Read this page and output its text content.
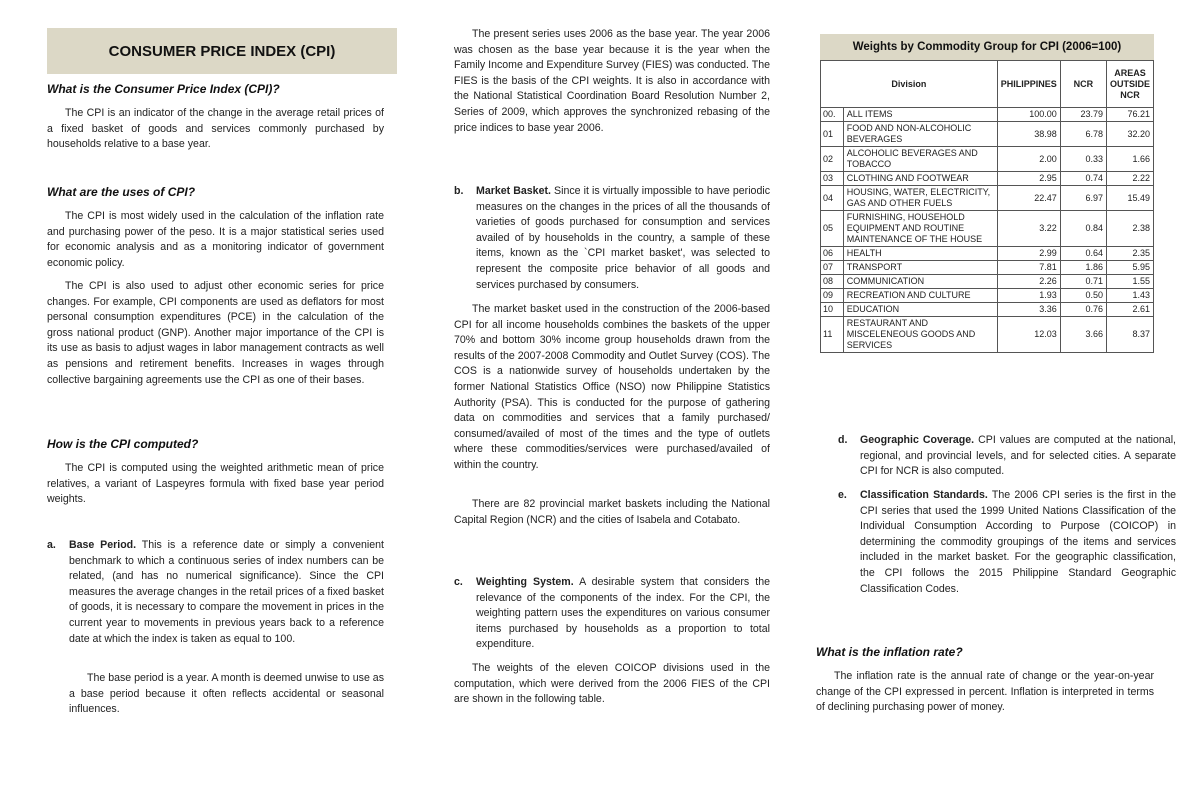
CONSUMER PRICE INDEX (CPI)
What is the Consumer Price Index (CPI)?

The CPI is an indicator of the change in the average retail prices of a fixed basket of goods and services commonly purchased by households relative to a base year.

What are the uses of CPI?

The CPI is most widely used in the calculation of the inflation rate and purchasing power of the peso. It is a major statistical series used for economic analysis and as a monitoring indicator of government economic policy.

The CPI is also used to adjust other economic series for price changes. For example, CPI components are used as deflators for most personal consumption expenditures (PCE) in the calculation of the gross national product (GNP). Another major importance of the CPI is its use as basis to adjust wages in labor management contracts as well as pensions and retirement benefits. Increases in wages through collective bargaining agreements use the CPI as one of their bases.

How is the CPI computed?

The CPI is computed using the weighted arithmetic mean of price relatives, a variant of Laspeyres formula with fixed base year period weights.

a. Base Period. This is a reference date or simply a convenient benchmark to which a continuous series of index numbers can be related, (and has no numerical significance). Since the CPI measures the average changes in the retail prices of a fixed basket of goods, it is necessary to compare the movement in prices in the current year to movements in previous years back to a reference date at which the index is taken as equal to 100.

The base period is a year. A month is deemed unwise to use as a base period because it often reflects accidental or seasonal influences.

The present series uses 2006 as the base year. The year 2006 was chosen as the base year because it is the year when the Family Income and Expenditure Survey (FIES) was conducted. The FIES is the basis of the CPI weights. It is also in accordance with the National Statistical Coordination Board Resolution Number 2, Series of 2009, which approves the synchronized rebasing of the price indices to base year 2006.

b. Market Basket. Since it is virtually impossible to have periodic measures on the changes in the prices of all the thousands of varieties of goods purchased for consumption and services availed of by households in the country, a sample of these items, known as the `CPI market basket', was selected to represent the composite price behavior of all goods and services purchased by consumers.

The market basket used in the construction of the 2006-based CPI for all income households combines the baskets of the upper 70% and bottom 30% income group households drawn from the results of the 2007-2008 Commodity and Outlet Survey (COS). The COS is a nationwide survey of households undertaken by the former National Statistics Office (NSO) now Philippine Statistics Authority (PSA). This is conducted for the purpose of gathering data on commodities and services that a family purchased/ consumed/availed of most of the times and the type of outlets where these commodities/services were purchased/availed of within the country.

There are 82 provincial market baskets including the National Capital Region (NCR) and the cities of Isabela and Cotabato.

c. Weighting System. A desirable system that considers the relevance of the components of the index. For the CPI, the weighting pattern uses the expenditures on various consumer items purchased by households as a proportion to total expenditure.

The weights of the eleven COICOP divisions used in the computation, which were derived from the 2006 FIES of the CPI are shown in the following table.

Weights by Commodity Group for CPI (2006=100)
Division		PHILIPPINES	NCR	AREAS OUTSIDE NCR
00.	ALL ITEMS	100.00	23.79	76.21
01	FOOD AND NON-ALCOHOLIC BEVERAGES	38.98	6.78	32.20
02	ALCOHOLIC BEVERAGES AND TOBACCO	2.00	0.33	1.66
03	CLOTHING AND FOOTWEAR	2.95	0.74	2.22
04	HOUSING, WATER, ELECTRICITY, GAS AND OTHER FUELS	22.47	6.97	15.49
05	FURNISHING, HOUSEHOLD EQUIPMENT AND ROUTINE MAINTENANCE OF THE HOUSE	3.22	0.84	2.38
06	HEALTH	2.99	0.64	2.35
07	TRANSPORT	7.81	1.86	5.95
08	COMMUNICATION	2.26	0.71	1.55
09	RECREATION AND CULTURE	1.93	0.50	1.43
10	EDUCATION	3.36	0.76	2.61
11	RESTAURANT AND MISCELENEOUS GOODS AND SERVICES	12.03	3.66	8.37
d. Geographic Coverage. CPI values are computed at the national, regional, and provincial levels, and for selected cities. A separate CPI for NCR is also computed.
e. Classification Standards. The 2006 CPI series is the first in the CPI series that used the 1999 United Nations Classification of the Individual Consumption According to Purpose (COICOP) in determining the commodity groupings of the items and services included in the market basket. For the geographic classification, the CPI follows the 2015 Philippine Standard Geographic Classification Codes.
What is the inflation rate?

The inflation rate is the annual rate of change or the year-on-year change of the CPI expressed in percent. Inflation is interpreted in terms of declining purchasing power of money.
